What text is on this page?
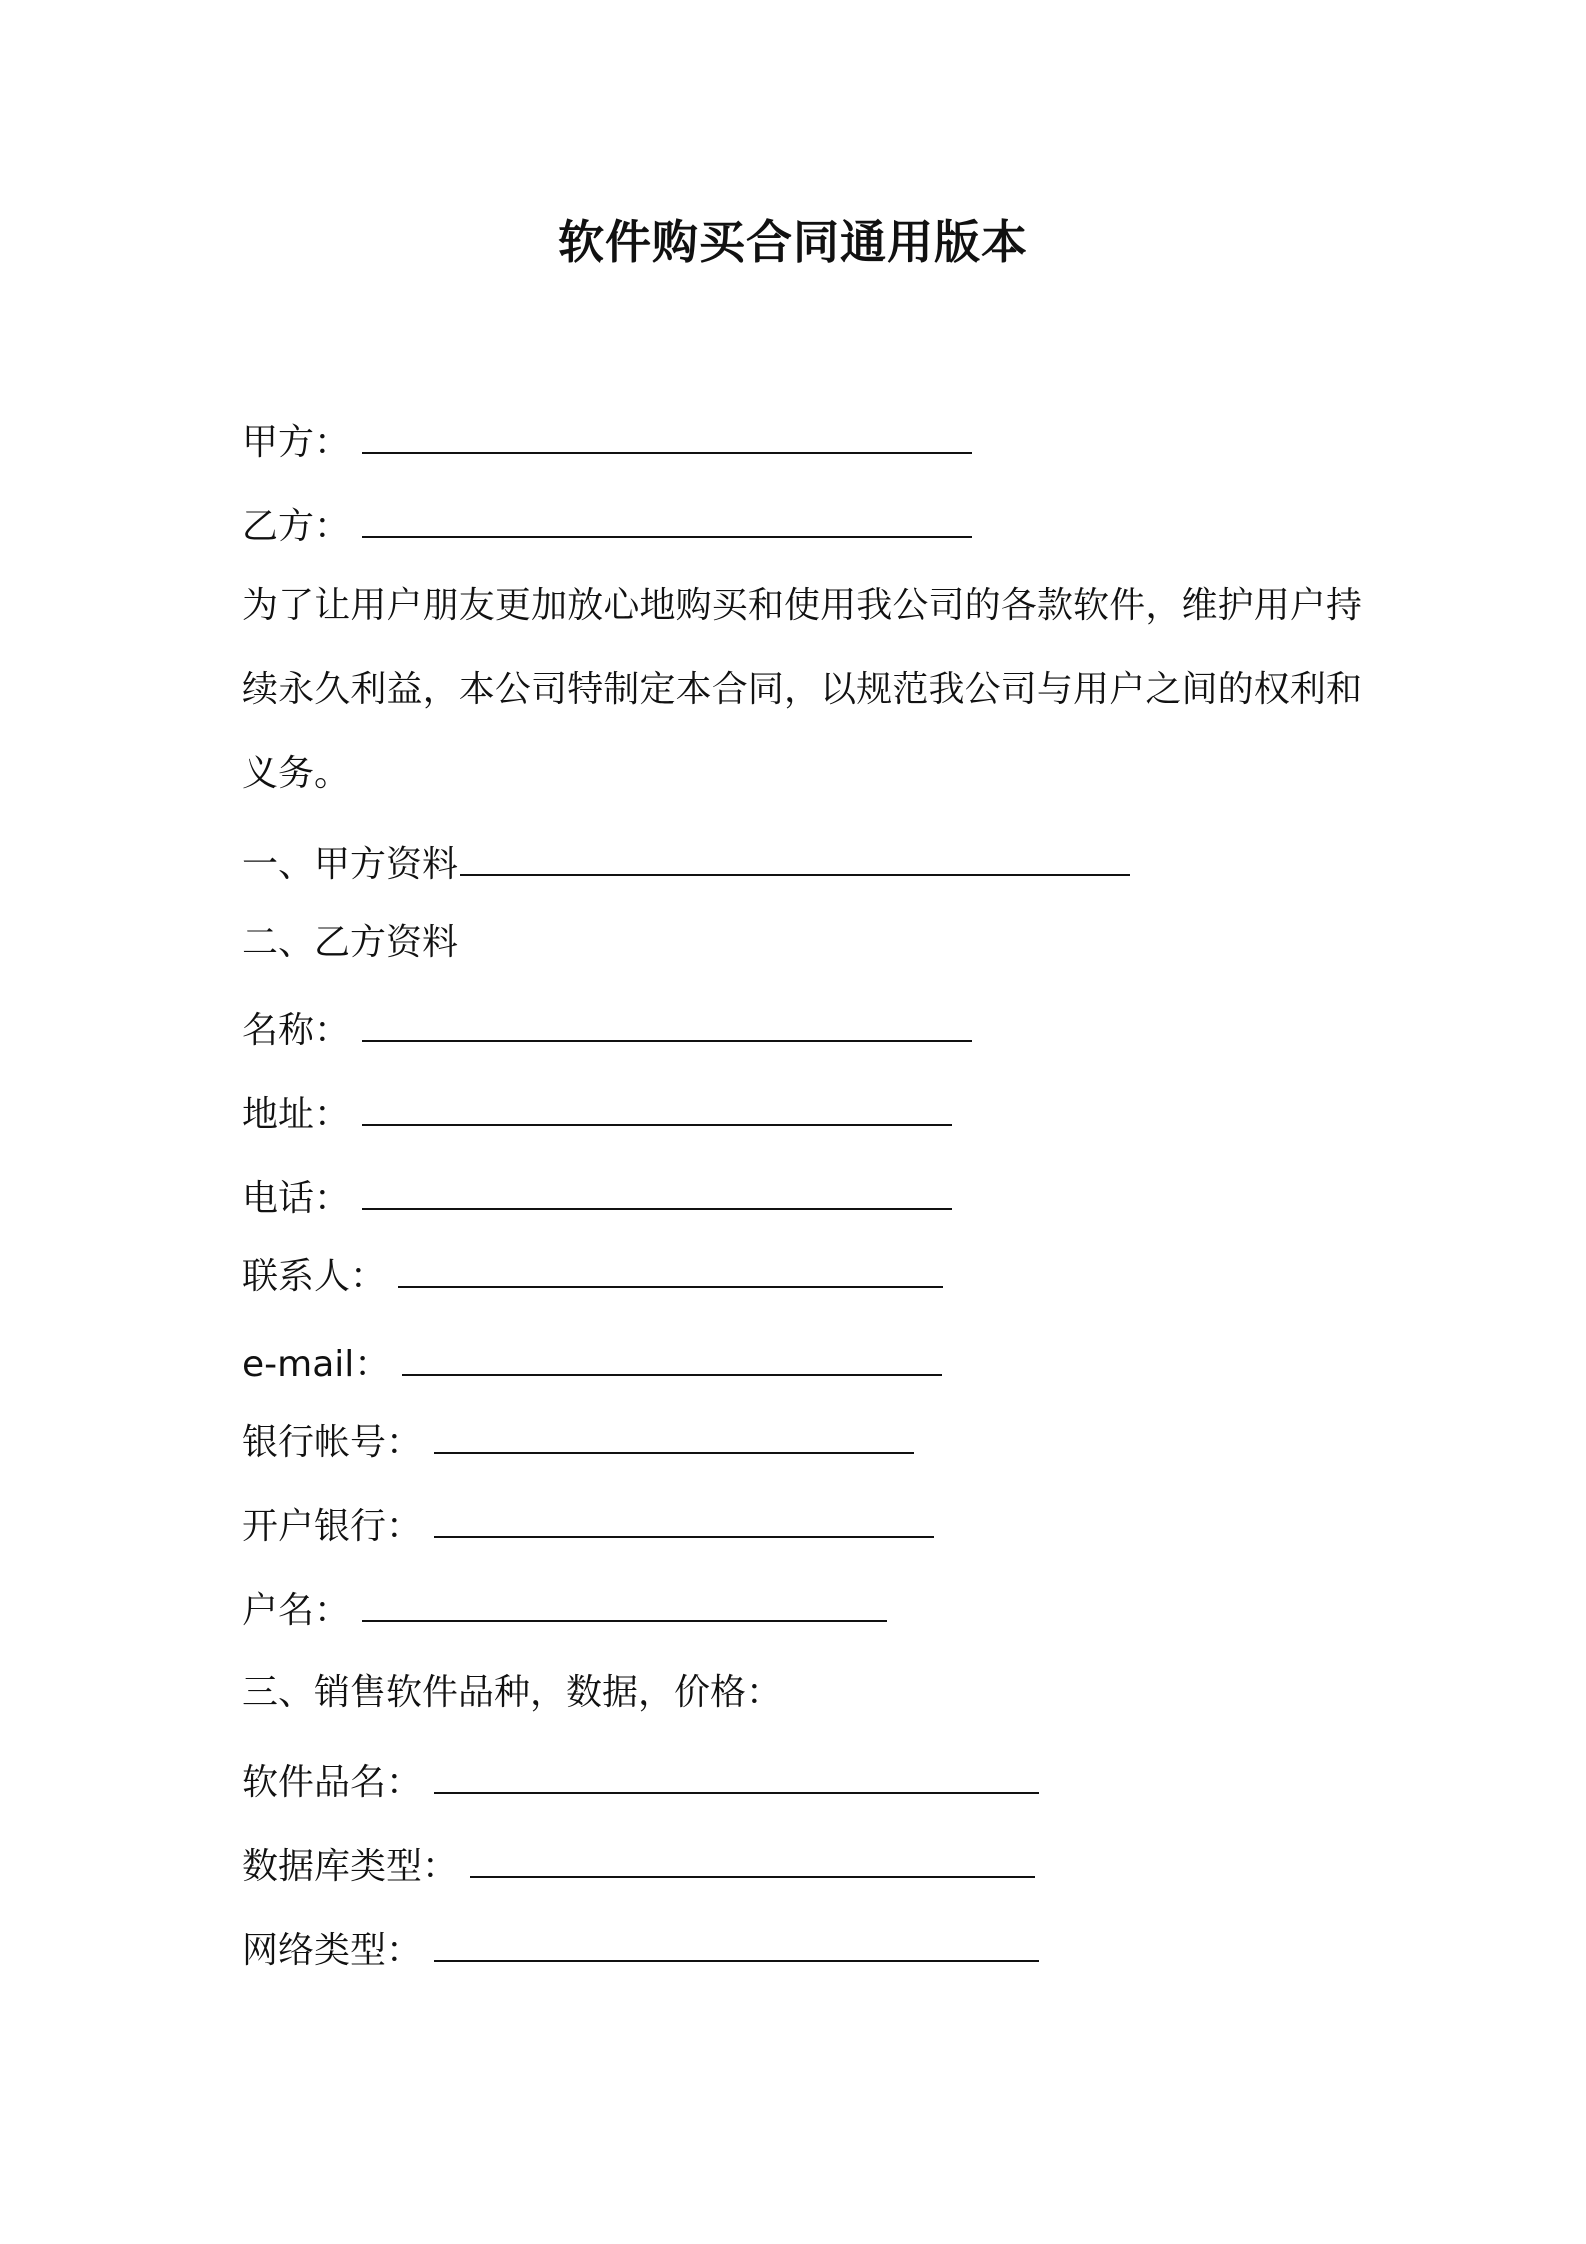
软件购买合同通用版本
甲方：
乙方：
为了让用户朋友更加放心地购买和使用我公司的各款软件，维护用户持续永久利益，本公司特制定本合同，以规范我公司与用户之间的权利和义务。
一、甲方资料
二、乙方资料
名称：
地址：
电话：
联系人：
e-mail：
银行帐号：
开户银行：
户名：
三、销售软件品种，数据，价格：
软件品名：
数据库类型：
网络类型：
